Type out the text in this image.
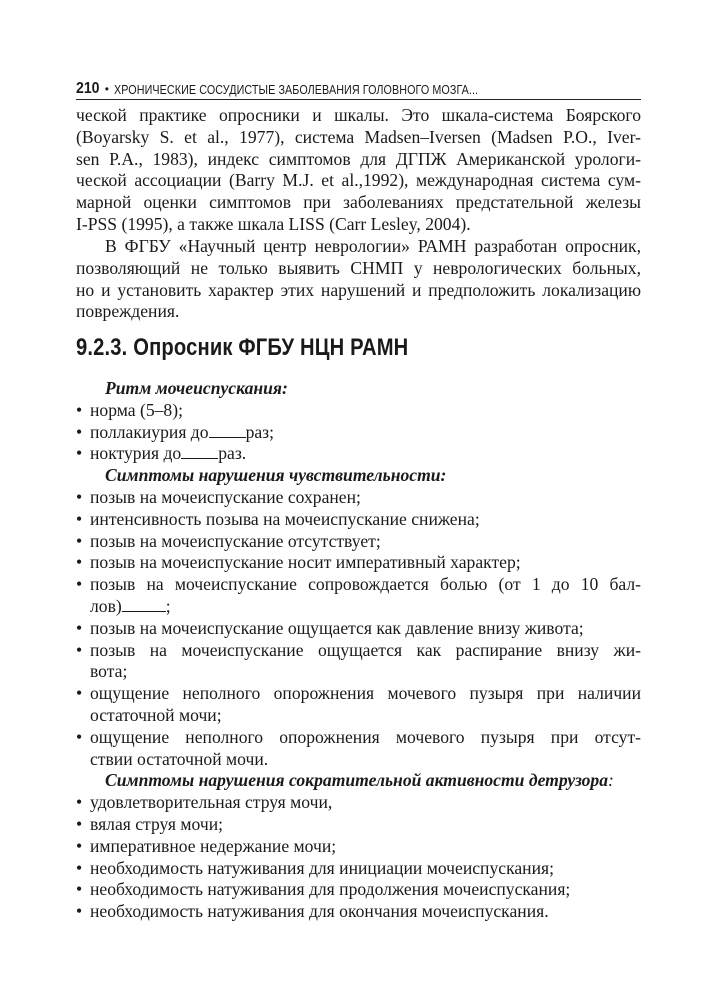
210 • ХРОНИЧЕСКИЕ СОСУДИСТЫЕ ЗАБОЛЕВАНИЯ ГОЛОВНОГО МОЗГА...
ческой практике опросники и шкалы. Это шкала-система Боярского
(Boyarsky S. et al., 1977), система Madsen–Iversen (Madsen P.O., Iver-
sen P.A., 1983), индекс симптомов для ДГПЖ Американской урологи-
ческой ассоциации (Barry M.J. et al.,1992), международная система сум-
марной оценки симптомов при заболеваниях предстательной железы
I-PSS (1995), а также шкала LISS (Carr Lesley, 2004).
В ФГБУ «Научный центр неврологии» РАМН разработан опросник,
позволяющий не только выявить СНМП у неврологических больных,
но и установить характер этих нарушений и предположить локализацию
повреждения.
9.2.3. Опросник ФГБУ НЦН РАМН
Ритм мочеиспускания:
• норма (5–8);
• поллакиурия до раз;
• ноктурия до раз.
Симптомы нарушения чувствительности:
• позыв на мочеиспускание сохранен;
• интенсивность позыва на мочеиспускание снижена;
• позыв на мочеиспускание отсутствует;
• позыв на мочеиспускание носит императивный характер;
• позыв на мочеиспускание сопровождается болью (от 1 до 10 бал-
лов)	;
• позыв на мочеиспускание ощущается как давление внизу живота;
• позыв на мочеиспускание ощущается как распирание внизу жи-
вота;
• ощущение неполного опорожнения мочевого пузыря при наличии
остаточной мочи;
• ощущение неполного опорожнения мочевого пузыря при отсут-
ствии остаточной мочи.
Симптомы нарушения сократительной активности детрузора:
• удовлетворительная струя мочи,
• вялая струя мочи;
• императивное недержание мочи;
• необходимость натуживания для инициации мочеиспускания;
• необходимость натуживания для продолжения мочеиспускания;
• необходимость натуживания для окончания мочеиспускания.
